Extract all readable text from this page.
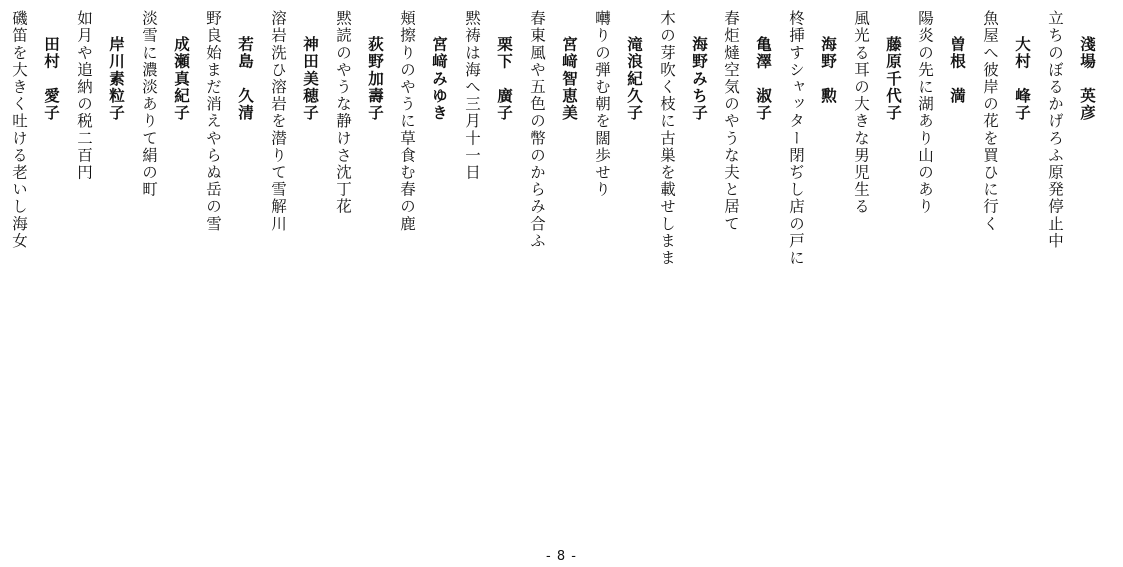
淺場　英彦
立ちのぼるかげろふ原発停止中
大村　峰子
魚屋へ彼岸の花を買ひに行く
曽根　満
陽炎の先に湖あり山のあり
藤原千代子
風光る耳の大きな男児生る
海野　勲
柊挿すシャッター閉ぢし店の戸に
亀澤　淑子
春炬燵空気のやうな夫と居て
海野みち子
木の芽吹く枝に古巣を載せしまま
滝浪紀久子
囀りの弾む朝を闊歩せり
宮﨑智恵美
春東風や五色の幣のからみ合ふ
栗下　廣子
黙祷は海へ三月十一日
宮﨑みゆき
頬擦りのやうに草食む春の鹿
荻野加壽子
黙読のやうな静けさ沈丁花
神田美穂子
溶岩洗ひ溶岩を潜りて雪解川
若島　久清
野良始まだ消えやらぬ岳の雪
成瀬真紀子
淡雪に濃淡ありて絹の町
岸川素粒子
如月や追納の税二百円
田村　愛子
磯笛を大きく吐ける老いし海女
- 8 -
